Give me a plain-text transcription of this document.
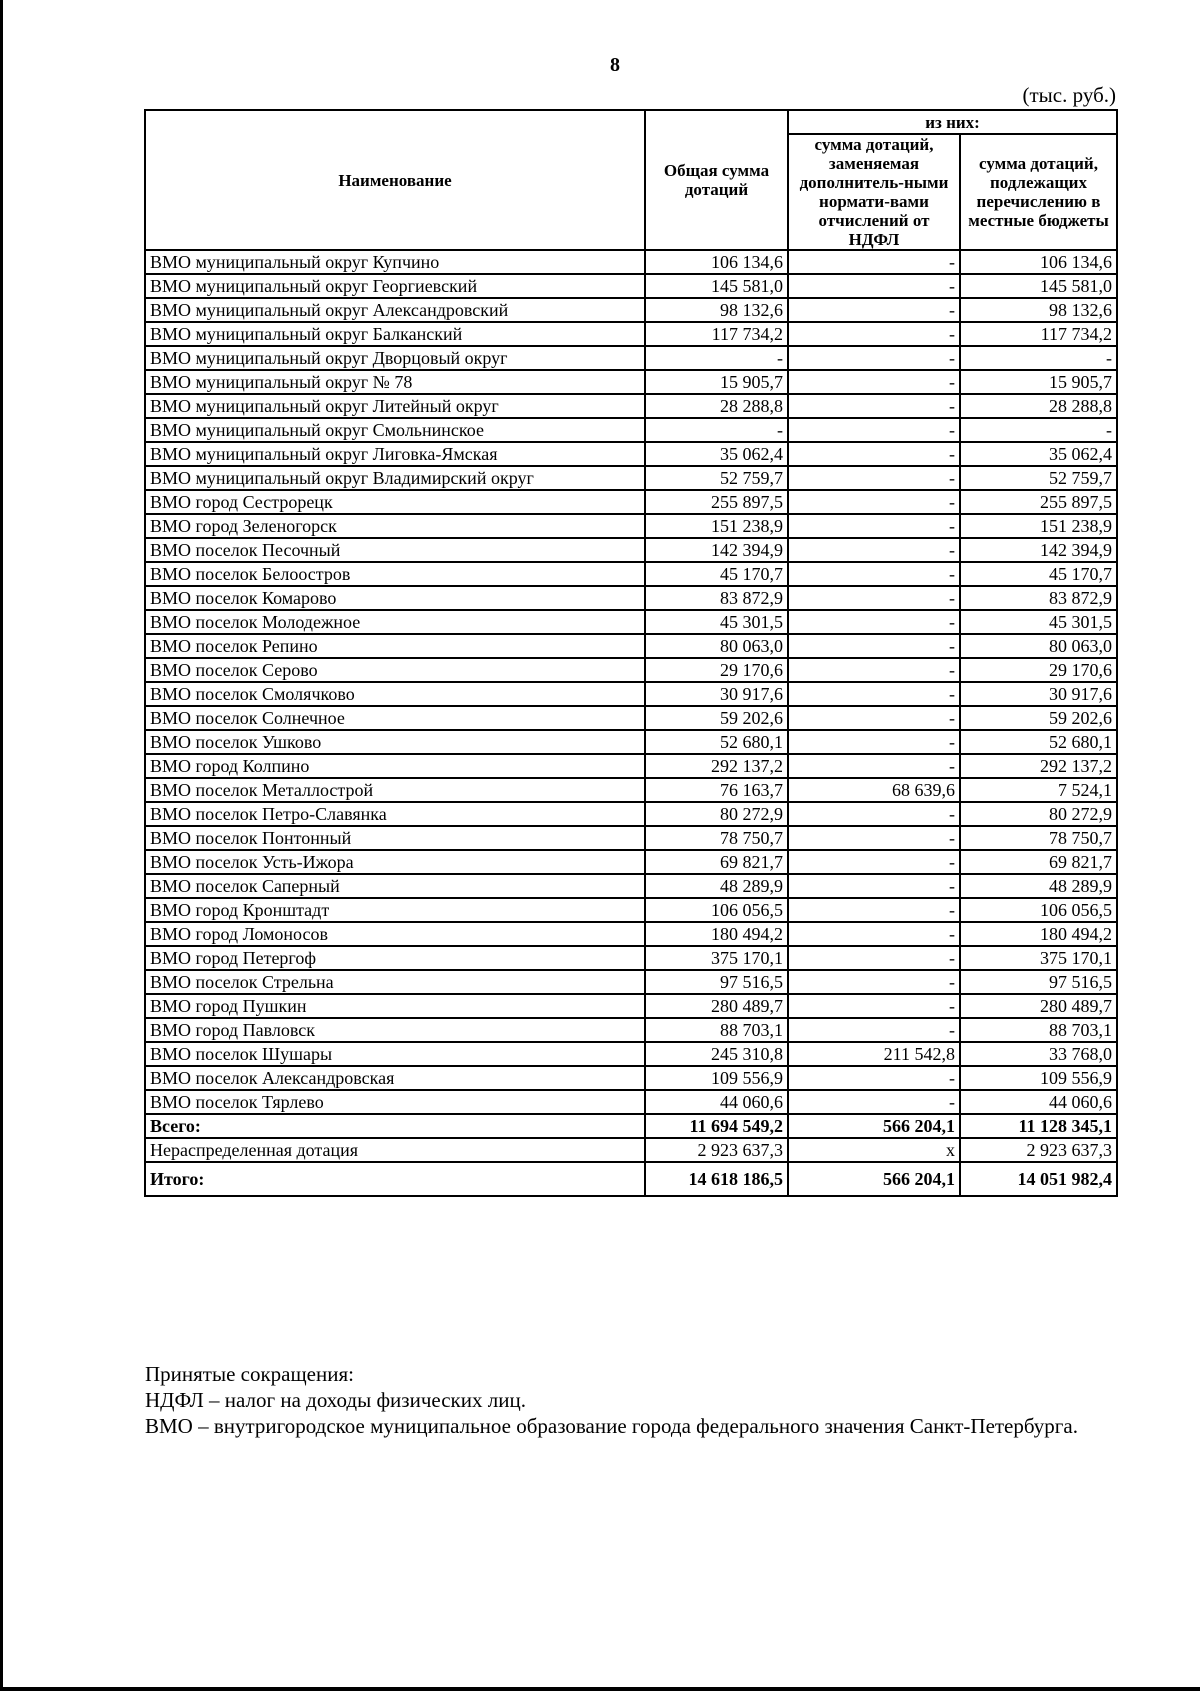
8
(тыс. руб.)
Наименование	Общая сумма дотаций	из них:	
		сумма дотаций, заменяемая дополнитель-ными нормати-вами отчислений от НДФЛ	сумма дотаций, подлежащих перечислению в местные бюджеты
ВМО муниципальный округ Купчино	106 134,6	-	106 134,6
ВМО муниципальный округ Георгиевский	145 581,0	-	145 581,0
ВМО муниципальный округ Александровский	98 132,6	-	98 132,6
ВМО муниципальный округ Балканский	117 734,2	-	117 734,2
ВМО муниципальный округ Дворцовый округ	-	-	-
ВМО муниципальный округ № 78	15 905,7	-	15 905,7
ВМО муниципальный округ Литейный округ	28 288,8	-	28 288,8
ВМО муниципальный округ Смольнинское	-	-	-
ВМО муниципальный округ Лиговка-Ямская	35 062,4	-	35 062,4
ВМО муниципальный округ Владимирский округ	52 759,7	-	52 759,7
ВМО город Сестрорецк	255 897,5	-	255 897,5
ВМО город Зеленогорск	151 238,9	-	151 238,9
ВМО поселок Песочный	142 394,9	-	142 394,9
ВМО поселок Белоостров	45 170,7	-	45 170,7
ВМО поселок Комарово	83 872,9	-	83 872,9
ВМО поселок Молодежное	45 301,5	-	45 301,5
ВМО поселок Репино	80 063,0	-	80 063,0
ВМО поселок Серово	29 170,6	-	29 170,6
ВМО поселок Смолячково	30 917,6	-	30 917,6
ВМО поселок Солнечное	59 202,6	-	59 202,6
ВМО поселок Ушково	52 680,1	-	52 680,1
ВМО город Колпино	292 137,2	-	292 137,2
ВМО поселок Металлострой	76 163,7	68 639,6	7 524,1
ВМО поселок Петро-Славянка	80 272,9	-	80 272,9
ВМО поселок Понтонный	78 750,7	-	78 750,7
ВМО поселок Усть-Ижора	69 821,7	-	69 821,7
ВМО поселок Саперный	48 289,9	-	48 289,9
ВМО город Кронштадт	106 056,5	-	106 056,5
ВМО город Ломоносов	180 494,2	-	180 494,2
ВМО город Петергоф	375 170,1	-	375 170,1
ВМО поселок Стрельна	97 516,5	-	97 516,5
ВМО город Пушкин	280 489,7	-	280 489,7
ВМО город Павловск	88 703,1	-	88 703,1
ВМО поселок Шушары	245 310,8	211 542,8	33 768,0
ВМО поселок Александровская	109 556,9	-	109 556,9
ВМО поселок Тярлево	44 060,6	-	44 060,6
Всего:	11 694 549,2	566 204,1	11 128 345,1
Нераспределенная дотация	2 923 637,3	x	2 923 637,3
Итого:	14 618 186,5	566 204,1	14 051 982,4
Принятые сокращения:
НДФЛ – налог на доходы физических лиц.
ВМО – внутригородское муниципальное образование города федерального значения Санкт-Петербурга.
